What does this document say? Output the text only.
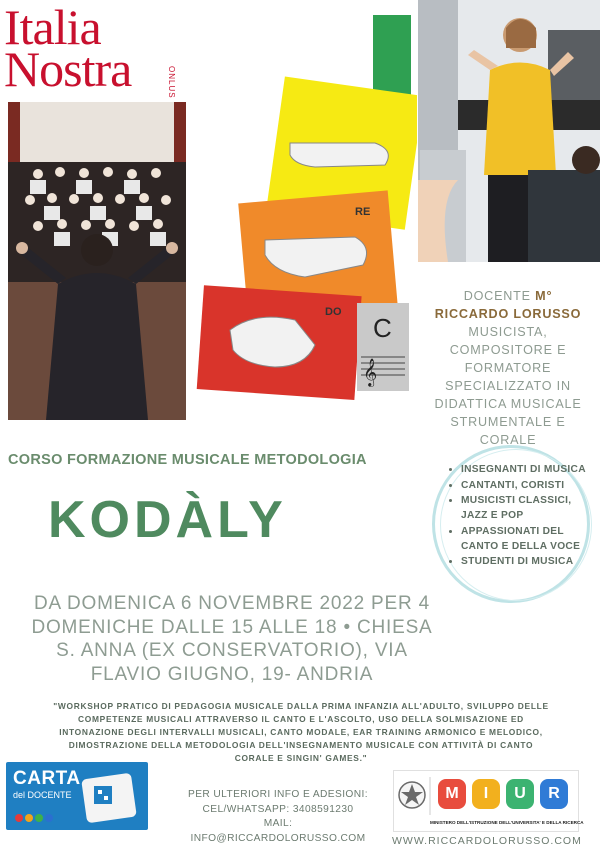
Italia
Nostra	ONLUS
RE
DO
C
𝄞
DOCENTE M° RICCARDO LORUSSO MUSICISTA, COMPOSITORE E FORMATORE SPECIALIZZATO IN DIDATTICA MUSICALE STRUMENTALE E CORALE
CORSO FORMAZIONE MUSICALE METODOLOGIA
KODÀLY
• INSEGNANTI DI MUSICA
• CANTANTI, CORISTI
• MUSICISTI CLASSICI, JAZZ E POP
• APPASSIONATI DEL CANTO E DELLA VOCE
• STUDENTI DI MUSICA
DA DOMENICA 6 NOVEMBRE 2022 PER 4 DOMENICHE DALLE 15 ALLE 18 • CHIESA S. ANNA (EX CONSERVATORIO), VIA FLAVIO GIUGNO, 19- ANDRIA
"WORKSHOP PRATICO DI PEDAGOGIA MUSICALE DALLA PRIMA INFANZIA ALL'ADULTO, SVILUPPO DELLE COMPETENZE MUSICALI ATTRAVERSO IL CANTO E L'ASCOLTO, USO DELLA SOLMISAZIONE ED INTONAZIONE DEGLI INTERVALLI MUSICALI, CANTO MODALE, EAR TRAINING ARMONICO E MELODICO, DIMOSTRAZIONE DELLA METODOLOGIA DELL'INSEGNAMENTO MUSICALE CON ATTIVITÀ DI CANTO CORALE E SINGIN' GAMES."
CARTA
del DOCENTE	PER ULTERIORI INFO E ADESIONI:
CEL/WHATSAPP: 3408591230
MAIL: INFO@RICCARDOLORUSSO.COM
M	I	U	R
MINISTERO DELL'ISTRUZIONE DELL'UNIVERSITA' E DELLA RICERCA
WWW.RICCARDOLORUSSO.COM
